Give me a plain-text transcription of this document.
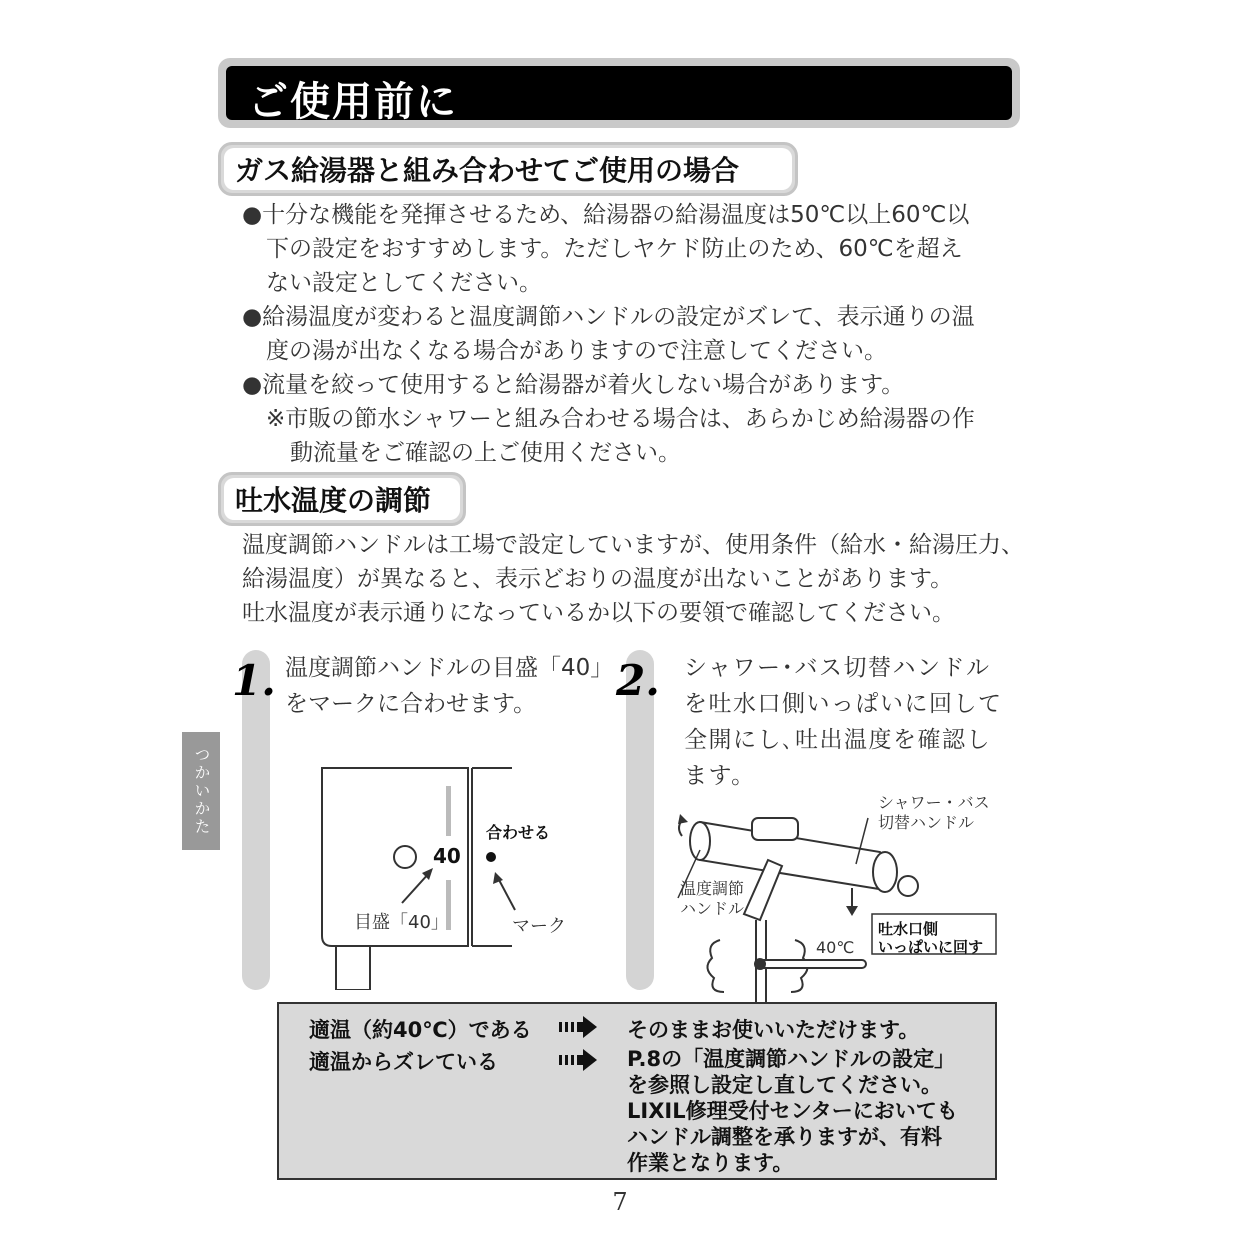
ご使用前に
ガス給湯器と組み合わせてご使用の場合
●十分な機能を発揮させるため、給湯器の給湯温度は50℃以上60℃以
下の設定をおすすめします。ただしヤケド防止のため、60℃を超え
ない設定としてください。
●給湯温度が変わると温度調節ハンドルの設定がズレて、表示通りの温
度の湯が出なくなる場合がありますので注意してください。
●流量を絞って使用すると給湯器が着火しない場合があります。
※市販の節水シャワーと組み合わせる場合は、あらかじめ給湯器の作
動流量をご確認の上ご使用ください。
吐水温度の調節
温度調節ハンドルは工場で設定していますが、使用条件（給水・給湯圧力、
給湯温度）が異なると、表示どおりの温度が出ないことがあります。
吐水温度が表示通りになっているか以下の要領で確認してください。
つかいかた
1. 温度調節ハンドルの目盛「40」
をマークに合わせます。
40
合わせる
目盛「40」	マーク
2. シャワー･バス切替ハンドル
を吐水口側いっぱいに回して
全開にし､吐出温度を確認し
ます。
シャワー・バス
切替ハンドル
温度調節
ハンドル
吐水口側
いっぱいに回す
40℃
適温（約40℃）である	そのままお使いいただけます。
適温からズレている	P.8の「温度調節ハンドルの設定」
を参照し設定し直してください。
LIXIL修理受付センターにおいても
ハンドル調整を承りますが、有料
作業となります。
7
